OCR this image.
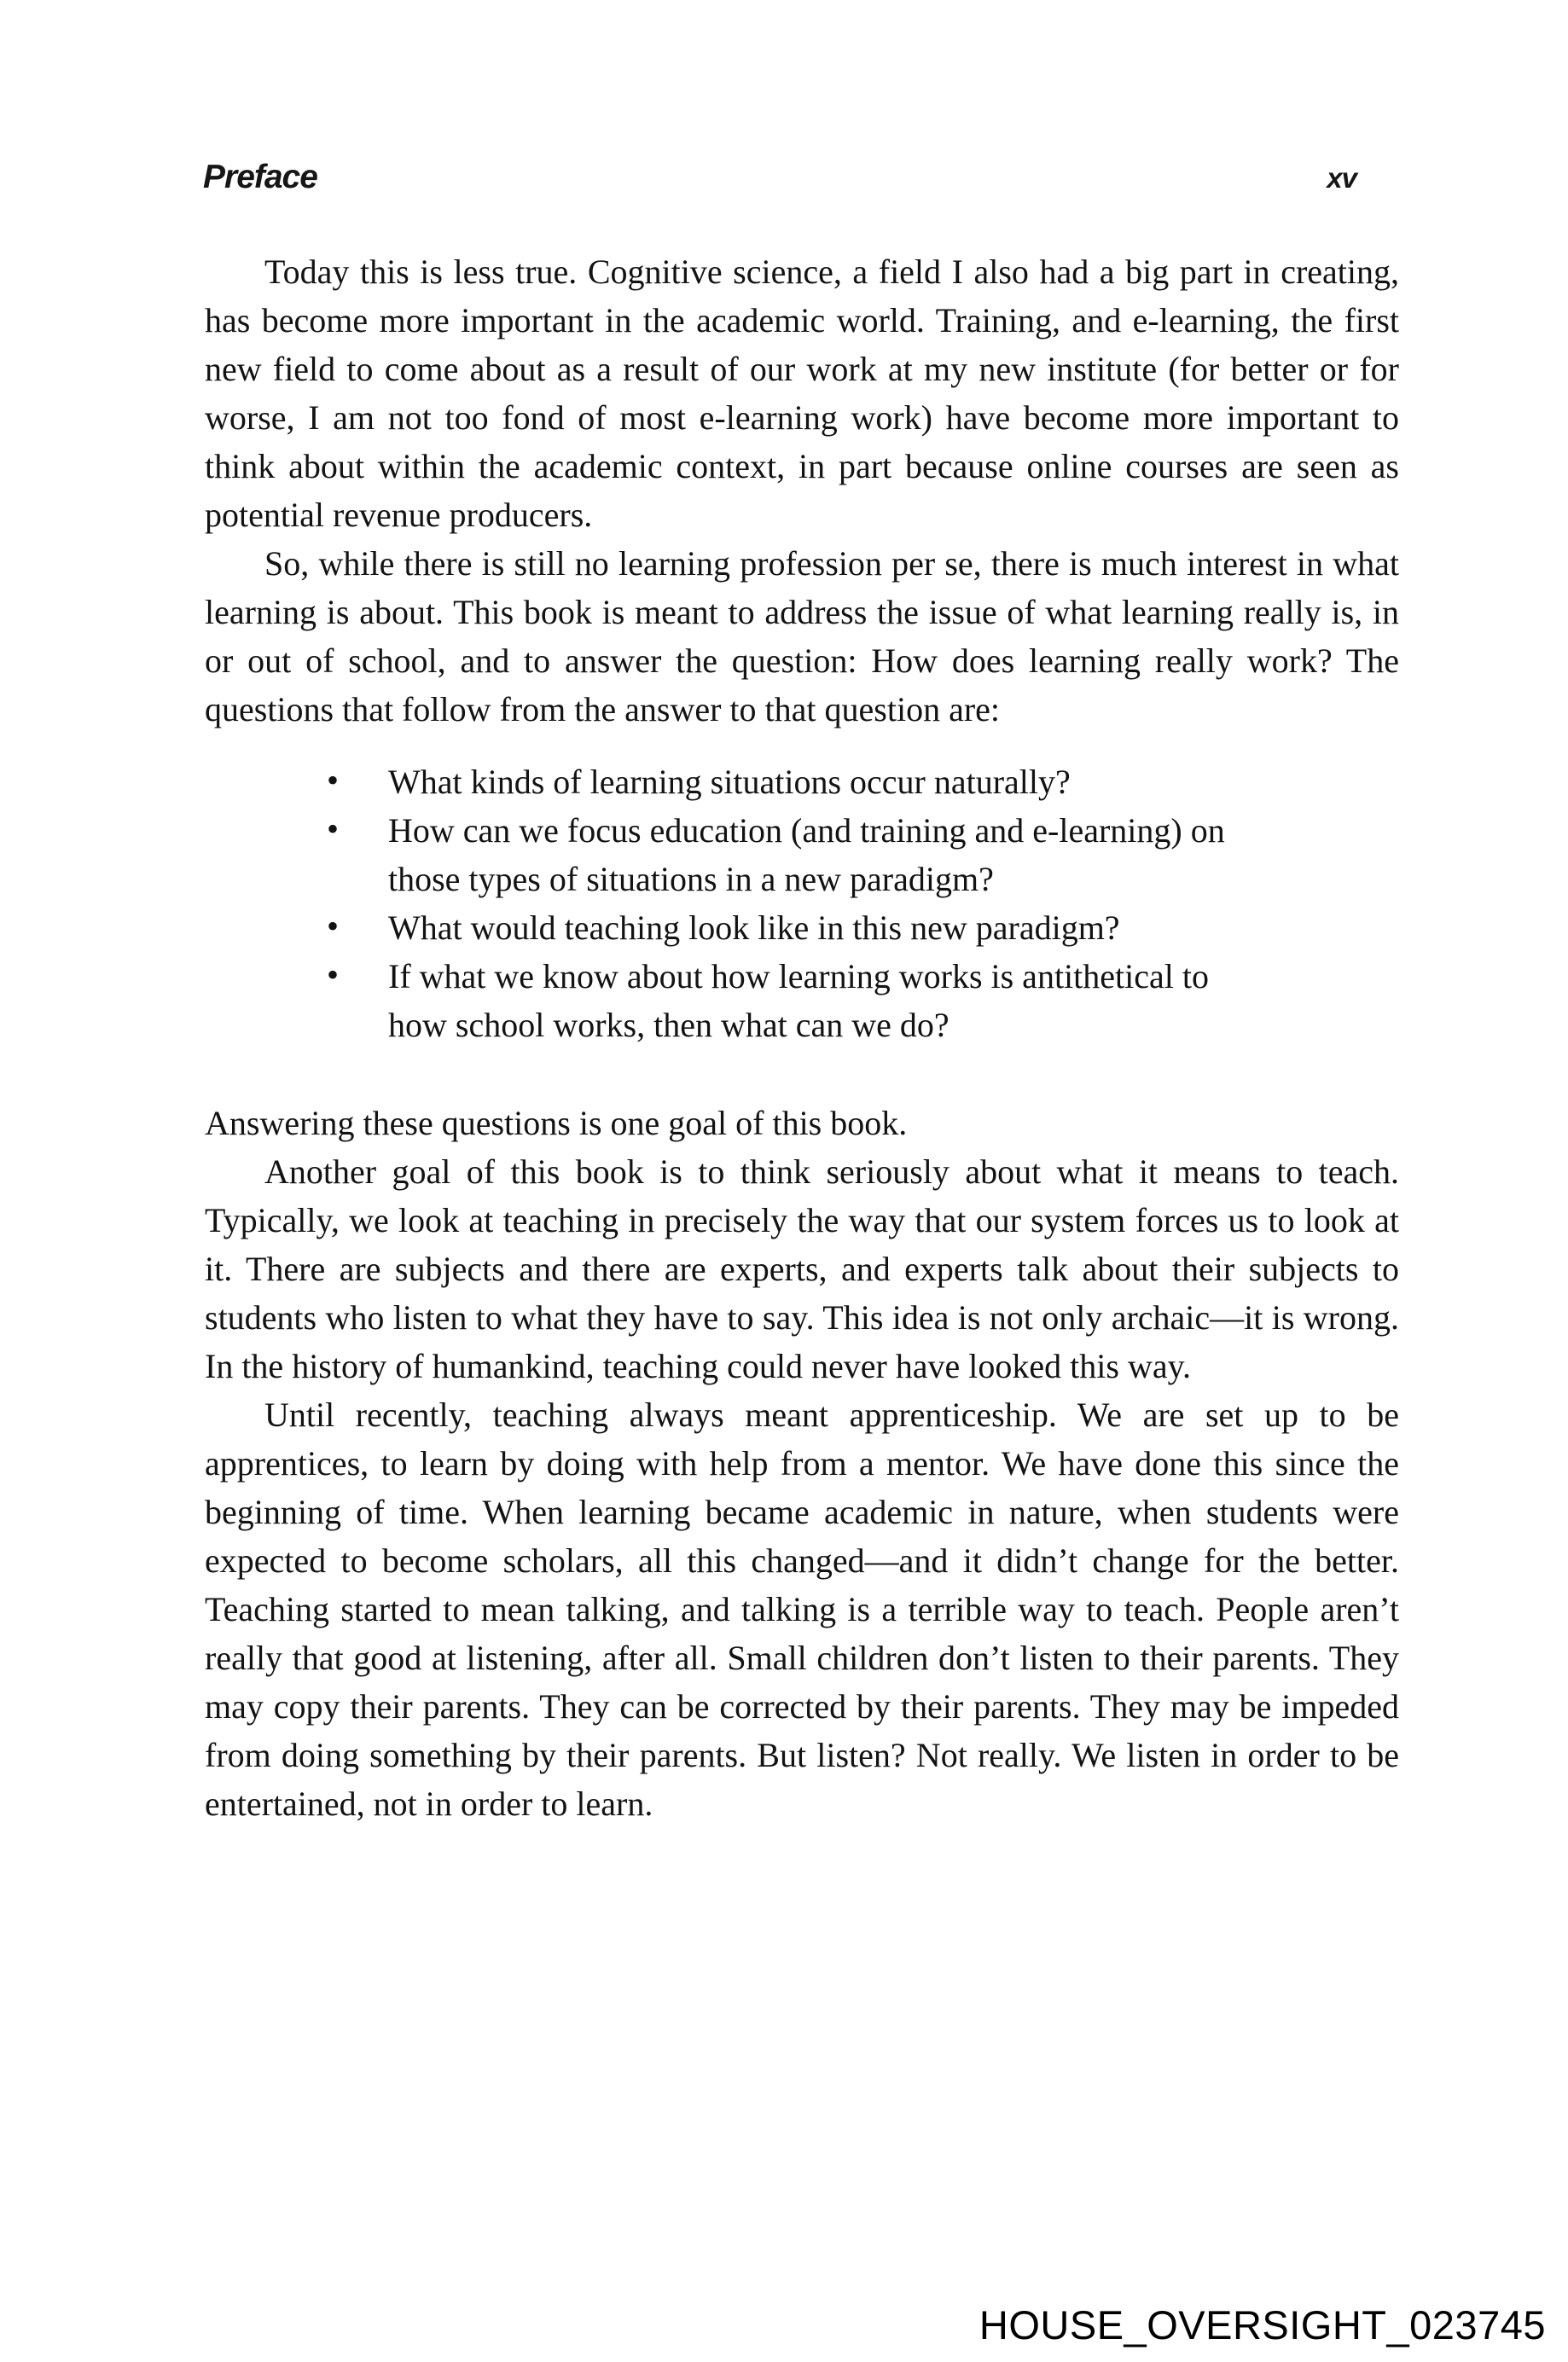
Preface	xv

Today this is less true. Cognitive science, a field I also had a big part in creating, has become more important in the academic world. Training, and e-learning, the first new field to come about as a result of our work at my new institute (for better or for worse, I am not too fond of most e-learning work) have become more important to think about within the academic context, in part because online courses are seen as potential revenue producers.

So, while there is still no learning profession per se, there is much interest in what learning is about. This book is meant to address the issue of what learning really is, in or out of school, and to answer the question: How does learning really work? The questions that follow from the answer to that question are:

• What kinds of learning situations occur naturally?
• How can we focus education (and training and e-learning) on those types of situations in a new paradigm?
• What would teaching look like in this new paradigm?
• If what we know about how learning works is antithetical to how school works, then what can we do?

Answering these questions is one goal of this book.

Another goal of this book is to think seriously about what it means to teach. Typically, we look at teaching in precisely the way that our system forces us to look at it. There are subjects and there are experts, and experts talk about their subjects to students who listen to what they have to say. This idea is not only archaic—it is wrong. In the history of humankind, teaching could never have looked this way.

Until recently, teaching always meant apprenticeship. We are set up to be apprentices, to learn by doing with help from a mentor. We have done this since the beginning of time. When learning became academic in nature, when students were expected to become scholars, all this changed—and it didn’t change for the better. Teaching started to mean talking, and talking is a terrible way to teach. People aren’t really that good at listening, after all. Small children don’t listen to their parents. They may copy their parents. They can be corrected by their parents. They may be impeded from doing something by their parents. But listen? Not really. We listen in order to be entertained, not in order to learn.

HOUSE_OVERSIGHT_023745
